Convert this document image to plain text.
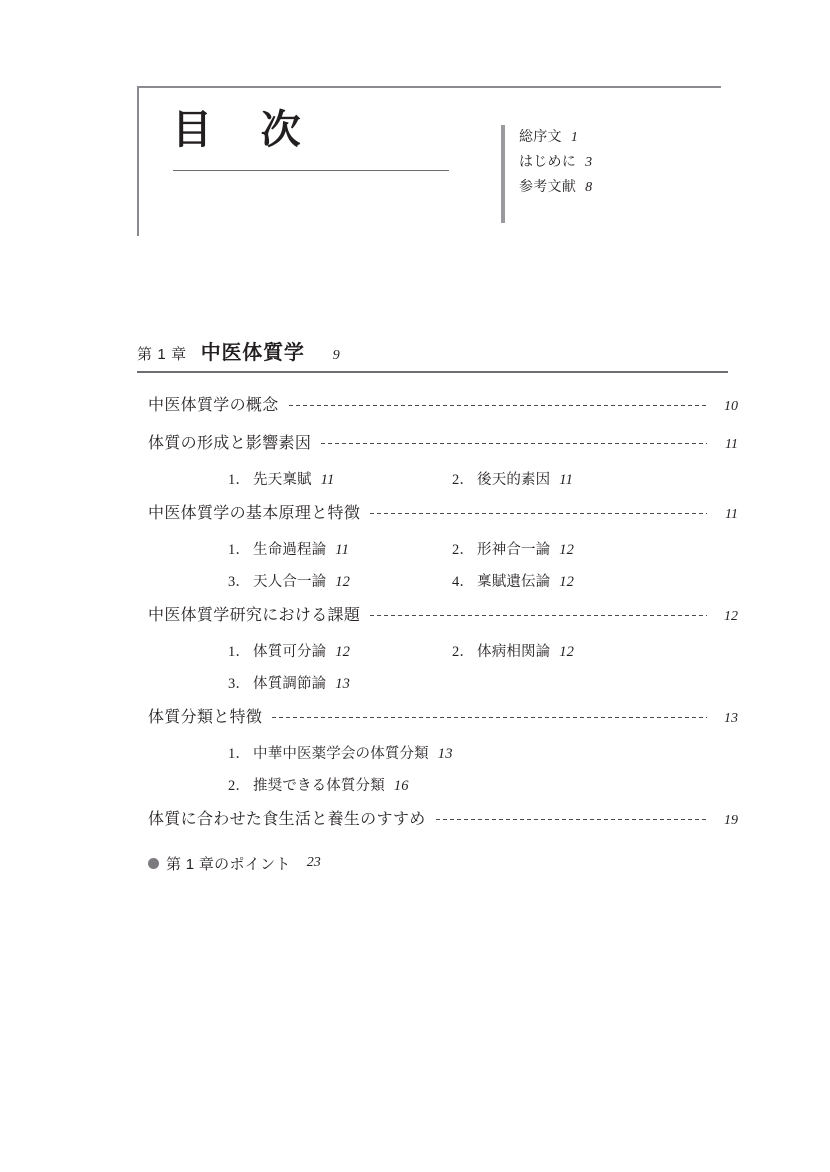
目  次	総序文 1
はじめに 3
参考文献 8
第 1 章 中医体質学 9
中医体質学の概念	10
体質の形成と影響素因	11
1． 先天稟賦 11	2． 後天的素因 11
中医体質学の基本原理と特徴	11
1． 生命過程論 11	2． 形神合一論 12
3． 天人合一論 12	4． 稟賦遺伝論 12
中医体質学研究における課題	12
1． 体質可分論 12	2． 体病相関論 12
3． 体質調節論 13
体質分類と特徴	13
1． 中華中医薬学会の体質分類 13
2． 推奨できる体質分類 16
体質に合わせた食生活と養生のすすめ	19
第 1 章のポイント 23
